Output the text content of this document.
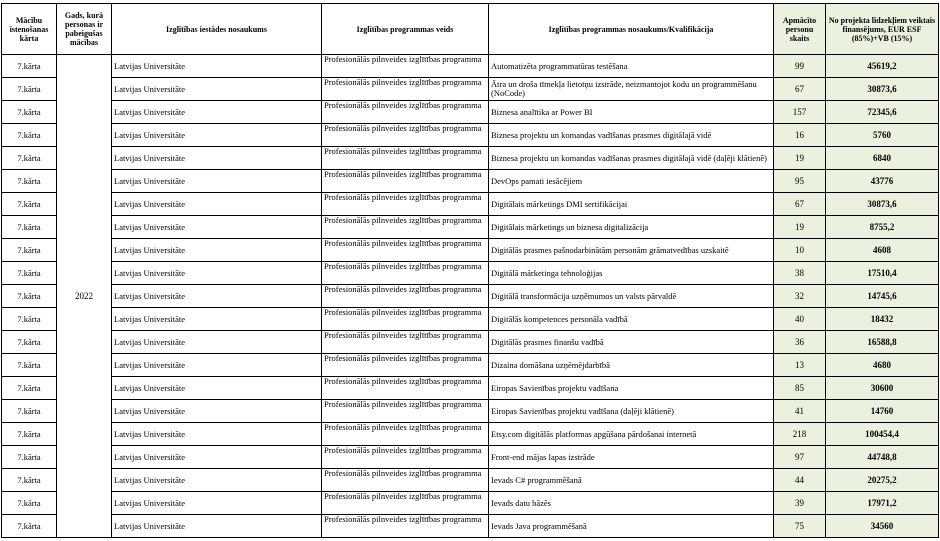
Mācību īstenošanas kārta	Gads, kurā personas ir pabeigušas mācības	Izglītības iestādes nosaukums	Izglītības programmas veids	Izglītības programmas nosaukums/Kvalifikācija	Apmācīto personu skaits	No projekta līdzekļiem veiktais finansējums, EUR ESF (85%)+VB (15%)
7.kārta	2022	Latvijas Universitāte	Profesionālās pilnveides izglītības programma	Automatizēta programmatūras testēšana	99	45619,2
7.kārta		Latvijas Universitāte	Profesionālās pilnveides izglītības programma	Ātra un droša tīmekļa lietotņu izstrāde, neizmantojot kodu un programmēšanu (NoCode)	67	30873,6
7.kārta		Latvijas Universitāte	Profesionālās pilnveides izglītības programma	Biznesa analītika ar Power BI	157	72345,6
7.kārta		Latvijas Universitāte	Profesionālās pilnveides izglītības programma	Biznesa projektu un komandas vadīšanas prasmes digitālajā vidē	16	5760
7.kārta		Latvijas Universitāte	Profesionālās pilnveides izglītības programma	Biznesa projektu un komandas vadīšanas prasmes digitālajā vidē (daļēji klātienē)	19	6840
7.kārta		Latvijas Universitāte	Profesionālās pilnveides izglītības programma	DevOps pamati iesācējiem	95	43776
7.kārta		Latvijas Universitāte	Profesionālās pilnveides izglītības programma	Digitālais mārketings DMI sertifikācijai	67	30873,6
7.kārta		Latvijas Universitāte	Profesionālās pilnveides izglītības programma	Digitālais mārketings un biznesa digitalizācija	19	8755,2
7.kārta		Latvijas Universitāte	Profesionālās pilnveides izglītības programma	Digitālās prasmes pašnodarbinātām personām grāmatvedības uzskaitē	10	4608
7.kārta		Latvijas Universitāte	Profesionālās pilnveides izglītības programma	Digitālā mārketinga tehnoloģijas	38	17510,4
7.kārta		Latvijas Universitāte	Profesionālās pilnveides izglītības programma	Digitālā transformācija uzņēmumos un valsts pārvaldē	32	14745,6
7.kārta		Latvijas Universitāte	Profesionālās pilnveides izglītības programma	Digitālās kompetences personāla vadībā	40	18432
7.kārta		Latvijas Universitāte	Profesionālās pilnveides izglītības programma	Digitālās prasmes finanšu vadībā	36	16588,8
7.kārta		Latvijas Universitāte	Profesionālās pilnveides izglītības programma	Dizaina domāšana uzņēmējdarbībā	13	4680
7.kārta		Latvijas Universitāte	Profesionālās pilnveides izglītības programma	Eiropas Savienības projektu vadīšana	85	30600
7.kārta		Latvijas Universitāte	Profesionālās pilnveides izglītības programma	Eiropas Savienības projektu vadīšana (daļēji klātienē)	41	14760
7.kārta		Latvijas Universitāte	Profesionālās pilnveides izglītības programma	Etsy.com digitālās platformas apgūšana pārdošanai internetā	218	100454,4
7.kārta		Latvijas Universitāte	Profesionālās pilnveides izglītības programma	Front-end mājas lapas izstrāde	97	44748,8
7.kārta		Latvijas Universitāte	Profesionālās pilnveides izglītības programma	Ievads C# programmēšanā	44	20275,2
7.kārta		Latvijas Universitāte	Profesionālās pilnveides izglītības programma	Ievads datu bāzēs	39	17971,2
7.kārta		Latvijas Universitāte	Profesionālās pilnveides izglītības programma	Ievads Java programmēšanā	75	34560
